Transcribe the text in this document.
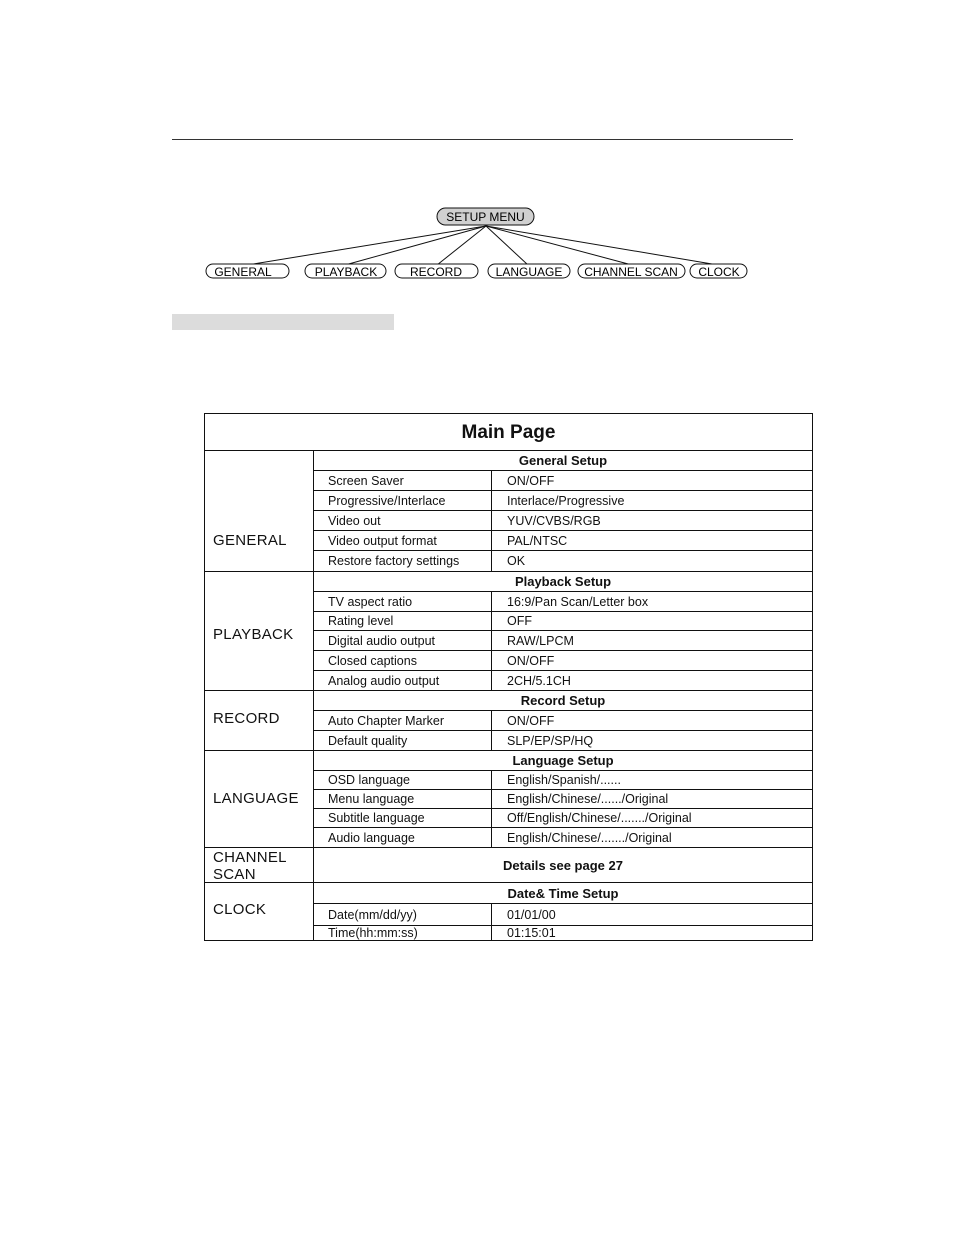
SETUP MENU
GENERAL	PLAYBACK	RECORD	LANGUAGE CHANNEL SCAN CLOCK
Main Page
GENERAL
General Setup
Screen Saver	ON/OFF
Progressive/Interlace	Interlace/Progressive
Video out	YUV/CVBS/RGB
Video output format	PAL/NTSC
Restore factory settings	OK
PLAYBACK
Playback Setup
TV aspect ratio	16:9/Pan Scan/Letter box
Rating level	OFF
Digital audio output	RAW/LPCM
Closed captions	ON/OFF
Analog audio output	2CH/5.1CH
RECORD
Record Setup
Auto Chapter Marker	ON/OFF
Default quality	SLP/EP/SP/HQ
LANGUAGE
Language Setup
OSD language	English/Spanish/......
Menu language	English/Chinese/....../Original
Subtitle language	Off/English/Chinese/......./Original
Audio language	English/Chinese/......./Original
CHANNEL
SCAN
Details see page 27
CLOCK
Date& Time Setup
Date(mm/dd/yy)	01/01/00
Time(hh:mm:ss)	01:15:01
